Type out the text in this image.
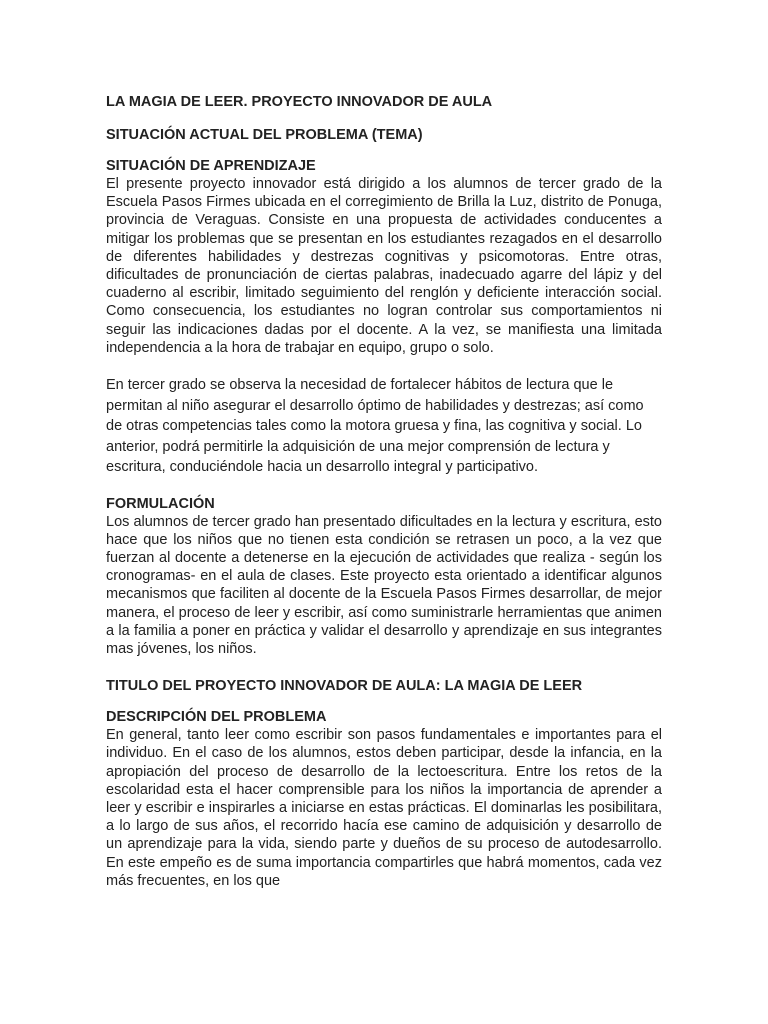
LA MAGIA DE LEER. PROYECTO INNOVADOR DE AULA
SITUACIÓN ACTUAL DEL PROBLEMA (TEMA)
SITUACIÓN DE APRENDIZAJE

El presente proyecto innovador está dirigido a los alumnos de tercer grado de la Escuela Pasos Firmes ubicada en el corregimiento de Brilla la Luz, distrito de Ponuga, provincia de Veraguas. Consiste en una propuesta de actividades conducentes a mitigar los problemas que se presentan en los estudiantes rezagados en el desarrollo de diferentes habilidades y destrezas cognitivas y psicomotoras. Entre otras, dificultades de pronunciación de ciertas palabras, inadecuado agarre del lápiz y del cuaderno al escribir, limitado seguimiento del renglón y deficiente interacción social. Como consecuencia, los estudiantes no logran controlar sus comportamientos ni seguir las indicaciones dadas por el docente. A la vez, se manifiesta una limitada independencia a la hora de trabajar en equipo, grupo o solo.

En tercer grado se observa la necesidad de fortalecer hábitos de lectura que le permitan al niño asegurar el desarrollo óptimo de habilidades y destrezas; así como de otras competencias tales como la motora gruesa y fina, las cognitiva y social. Lo anterior, podrá permitirle la adquisición de una mejor comprensión de lectura y escritura, conduciéndole hacia un desarrollo integral y participativo.

FORMULACIÓN

Los alumnos de tercer grado han presentado dificultades en la lectura y escritura, esto hace que los niños que no tienen esta condición se retrasen un poco, a la vez que fuerzan al docente a detenerse en la ejecución de actividades que realiza - según los cronogramas- en el aula de clases. Este proyecto esta orientado a identificar algunos mecanismos que faciliten al docente de la Escuela Pasos Firmes desarrollar, de mejor manera, el proceso de leer y escribir, así como suministrarle herramientas que animen a la familia a poner en práctica y validar el desarrollo y aprendizaje en sus integrantes mas jóvenes, los niños.

TITULO DEL PROYECTO INNOVADOR DE AULA: LA MAGIA DE LEER
DESCRIPCIÓN DEL PROBLEMA

En general, tanto leer como escribir son pasos fundamentales e importantes para el individuo. En el caso de los alumnos, estos deben participar, desde la infancia, en la apropiación del proceso de desarrollo de la lectoescritura. Entre los retos de la escolaridad esta el hacer comprensible para los niños la importancia de aprender a leer y escribir e inspirarles a iniciarse en estas prácticas. El dominarlas les posibilitara, a lo largo de sus años, el recorrido hacía ese camino de adquisición y desarrollo de un aprendizaje para la vida, siendo parte y dueños de su proceso de autodesarrollo. En este empeño es de suma importancia compartirles que habrá momentos, cada vez más frecuentes, en los que
